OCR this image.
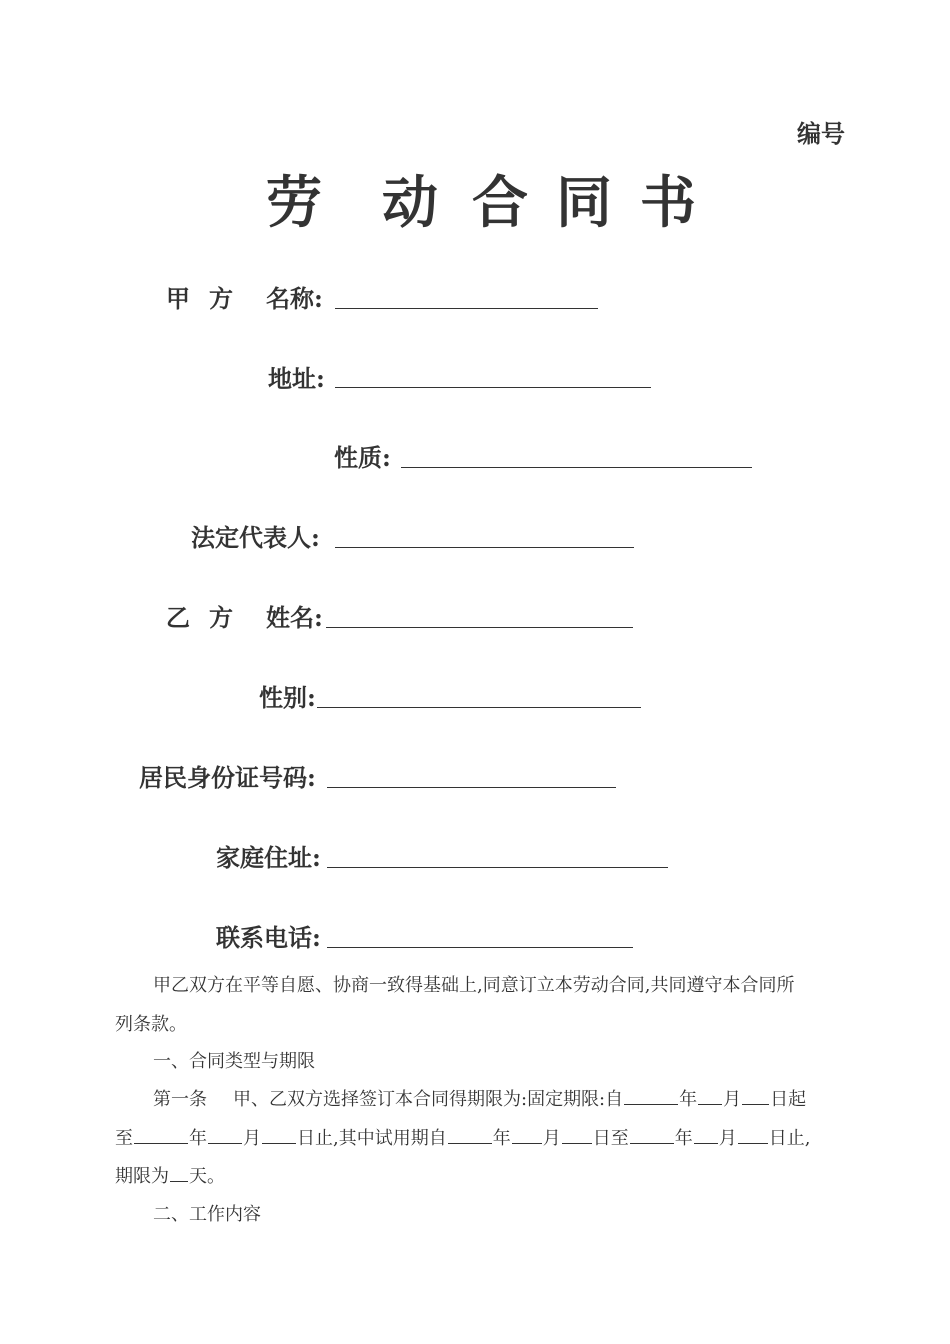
编号
劳 动 合 同 书
甲 方 名称:
地址:
性质:
法定代表人:
乙 方 姓名:
性别:
居民身份证号码:
家庭住址:
联系电话:
甲乙双方在平等自愿、协商一致得基础上,同意订立本劳动合同,共同遵守本合同所
列条款。
一、合同类型与期限
第一条 甲、乙双方选择签订本合同得期限为:固定期限:自	年 月 日起
至	年 月 日止,其中试用期自	年 月 日至	年 月 日止,
期限为 天。
二、工作内容
